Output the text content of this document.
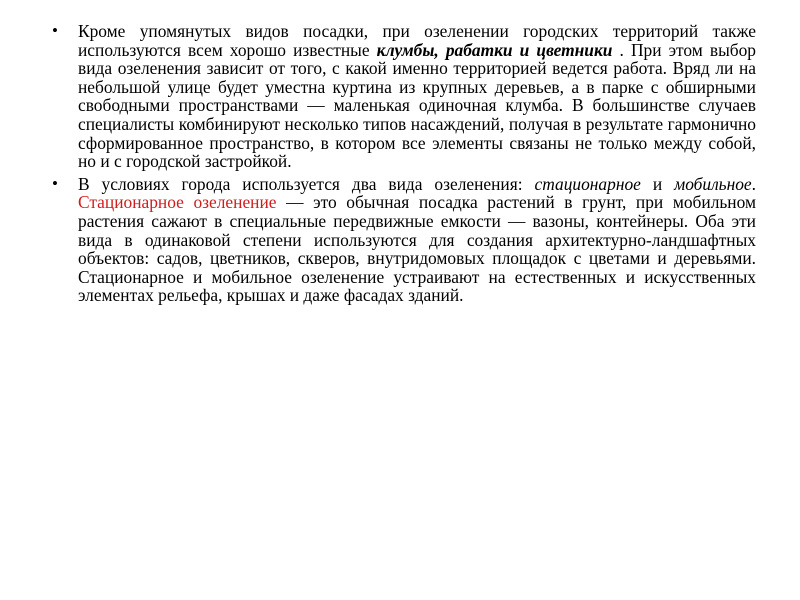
• Кроме упомянутых видов посадки, при озеленении городских территорий также используются всем хорошо известные клумбы, рабатки и цветники . При этом выбор вида озеленения зависит от того, с какой именно территорией ведется работа. Вряд ли на небольшой улице будет уместна куртина из крупных деревьев, а в парке с обширными свободными пространствами — маленькая одиночная клумба. В большинстве случаев специалисты комбинируют несколько типов насаждений, получая в результате гармонично сформированное пространство, в котором все элементы связаны не только между собой, но и с городской застройкой.
• В условиях города используется два вида озеленения: стационарное и мобильное. Стационарное озеленение — это обычная посадка растений в грунт, при мобильном растения сажают в специальные передвижные емкости — вазоны, контейнеры. Оба эти вида в одинаковой степени используются для создания архитектурно-ландшафтных объектов: садов, цветников, скверов, внутридомовых площадок с цветами и деревьями. Стационарное и мобильное озеленение устраивают на естественных и искусственных элементах рельефа, крышах и даже фасадах зданий.
